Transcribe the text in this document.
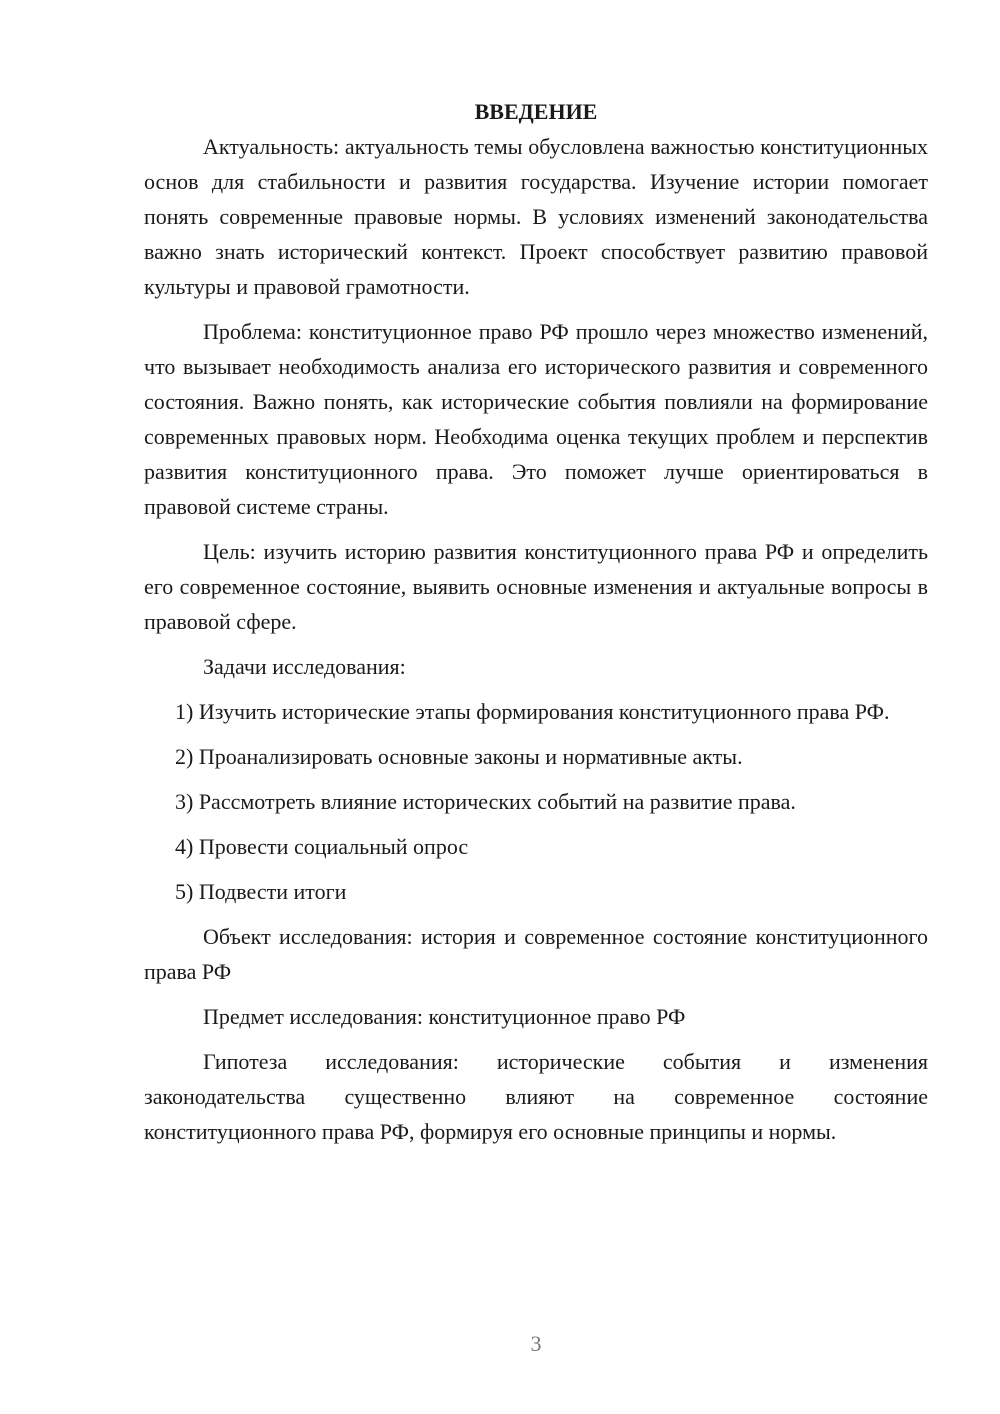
ВВЕДЕНИЕ

Актуальность: актуальность темы обусловлена важностью конституционных основ для стабильности и развития государства. Изучение истории помогает понять современные правовые нормы. В условиях изменений законодательства важно знать исторический контекст. Проект способствует развитию правовой культуры и правовой грамотности.

Проблема: конституционное право РФ прошло через множество изменений, что вызывает необходимость анализа его исторического развития и современного состояния. Важно понять, как исторические события повлияли на формирование современных правовых норм. Необходима оценка текущих проблем и перспектив развития конституционного права. Это поможет лучше ориентироваться в правовой системе страны.

Цель: изучить историю развития конституционного права РФ и определить его современное состояние, выявить основные изменения и актуальные вопросы в правовой сфере.

Задачи исследования:

1) Изучить исторические этапы формирования конституционного права РФ.

2) Проанализировать основные законы и нормативные акты.

3) Рассмотреть влияние исторических событий на развитие права.

4) Провести социальный опрос

5) Подвести итоги

Объект исследования: история и современное состояние конституционного права РФ

Предмет исследования: конституционное право РФ

Гипотеза исследования: исторические события и изменения законодательства существенно влияют на современное состояние конституционного права РФ, формируя его основные принципы и нормы.

3
